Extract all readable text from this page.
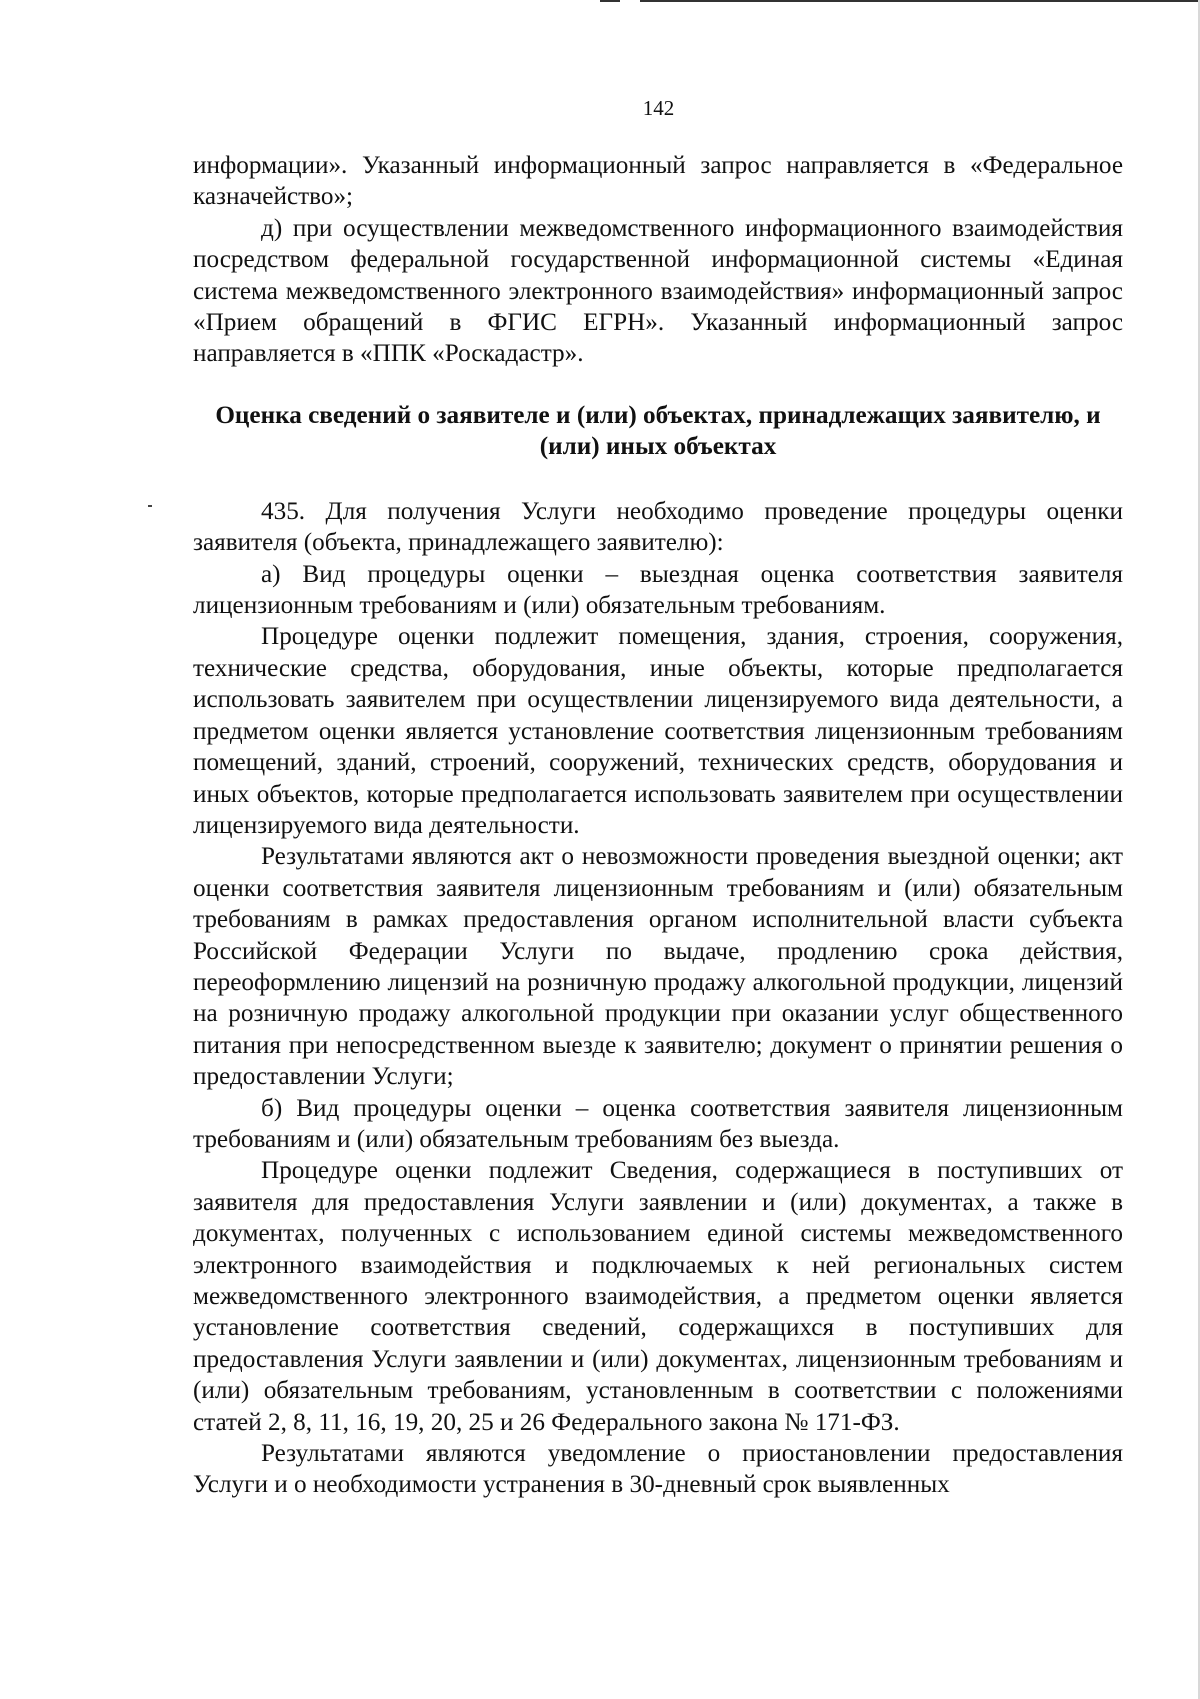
142

информации». Указанный информационный запрос направляется в «Федеральное казначейство»;

д) при осуществлении межведомственного информационного взаимодействия посредством федеральной государственной информационной системы «Единая система межведомственного электронного взаимодействия» информационный запрос «Прием обращений в ФГИС ЕГРН». Указанный информационный запрос направляется в «ППК «Роскадастр».

Оценка сведений о заявителе и (или) объектах, принадлежащих заявителю, и (или) иных объектах

435. Для получения Услуги необходимо проведение процедуры оценки заявителя (объекта, принадлежащего заявителю):

а) Вид процедуры оценки – выездная оценка соответствия заявителя лицензионным требованиям и (или) обязательным требованиям.

Процедуре оценки подлежит помещения, здания, строения, сооружения, технические средства, оборудования, иные объекты, которые предполагается использовать заявителем при осуществлении лицензируемого вида деятельности, а предметом оценки является установление соответствия лицензионным требованиям помещений, зданий, строений, сооружений, технических средств, оборудования и иных объектов, которые предполагается использовать заявителем при осуществлении лицензируемого вида деятельности.

Результатами являются акт о невозможности проведения выездной оценки; акт оценки соответствия заявителя лицензионным требованиям и (или) обязательным требованиям в рамках предоставления органом исполнительной власти субъекта Российской Федерации Услуги по выдаче, продлению срока действия, переоформлению лицензий на розничную продажу алкогольной продукции, лицензий на розничную продажу алкогольной продукции при оказании услуг общественного питания при непосредственном выезде к заявителю; документ о принятии решения о предоставлении Услуги;

б) Вид процедуры оценки – оценка соответствия заявителя лицензионным требованиям и (или) обязательным требованиям без выезда.

Процедуре оценки подлежит Сведения, содержащиеся в поступивших от заявителя для предоставления Услуги заявлении и (или) документах, а также в документах, полученных с использованием единой системы межведомственного электронного взаимодействия и подключаемых к ней региональных систем межведомственного электронного взаимодействия, а предметом оценки является установление соответствия сведений, содержащихся в поступивших для предоставления Услуги заявлении и (или) документах, лицензионным требованиям и (или) обязательным требованиям, установленным в соответствии с положениями статей 2, 8, 11, 16, 19, 20, 25 и 26 Федерального закона № 171-ФЗ.

Результатами являются уведомление о приостановлении предоставления Услуги и о необходимости устранения в 30-дневный срок выявленных
